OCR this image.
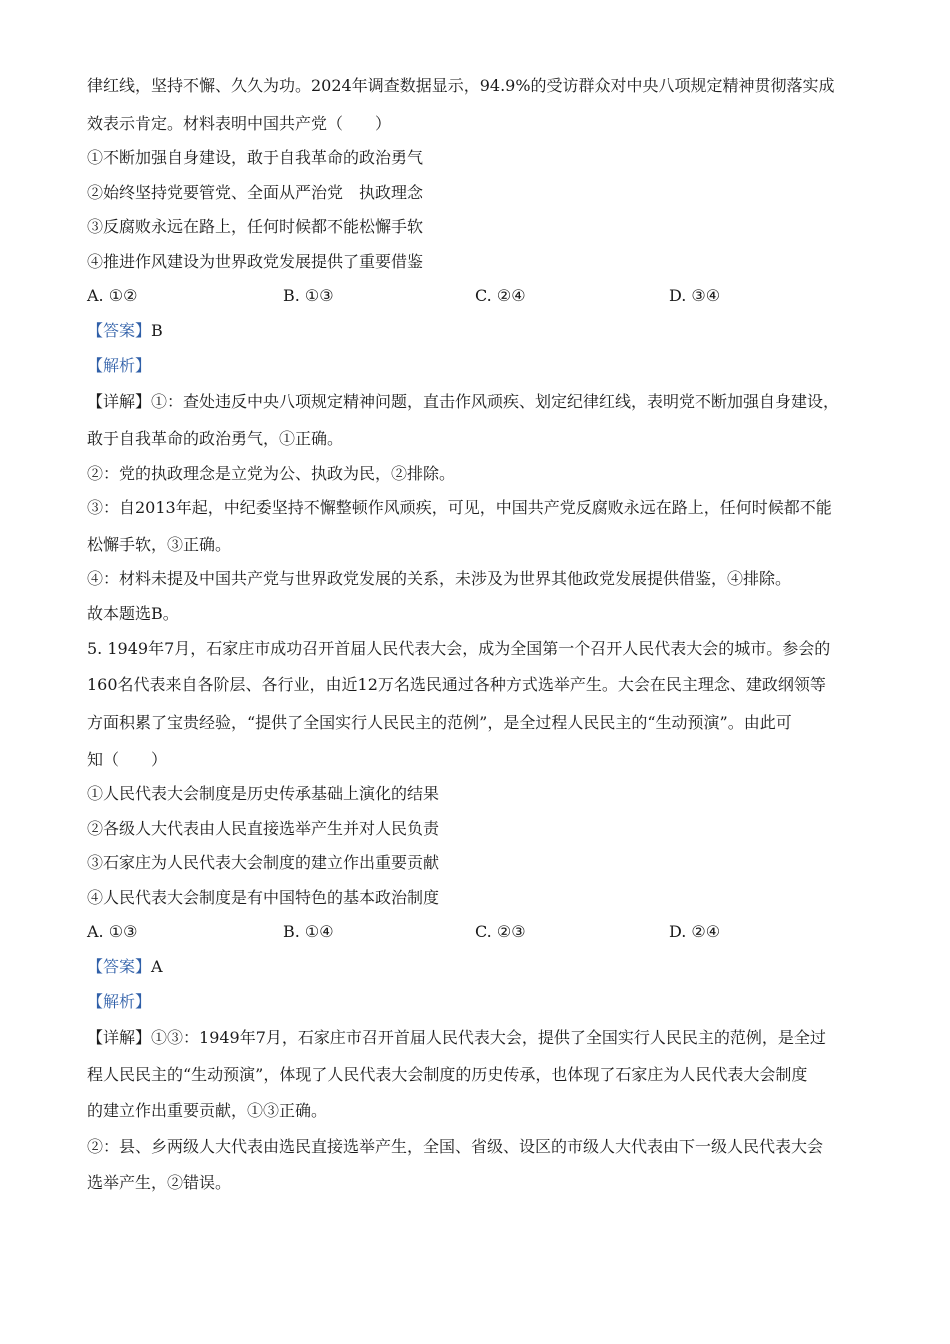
律红线，坚持不懈、久久为功。2024年调查数据显示，94.9%的受访群众对中央八项规定精神贯彻落实成
效表示肯定。材料表明中国共产党（　　）
①不断加强自身建设，敢于自我革命的政治勇气
②始终坚持党要管党、全面从严治党　执政理念
③反腐败永远在路上，任何时候都不能松懈手软
④推进作风建设为世界政党发展提供了重要借鉴
A. ①②	B. ①③	C. ②④	D. ③④
【答案】B
【解析】
【详解】①：查处违反中央八项规定精神问题，直击作风顽疾、划定纪律红线，表明党不断加强自身建设，
敢于自我革命的政治勇气，①正确。
②：党的执政理念是立党为公、执政为民，②排除。
③：自2013年起，中纪委坚持不懈整顿作风顽疾，可见，中国共产党反腐败永远在路上，任何时候都不能
松懈手软，③正确。
④：材料未提及中国共产党与世界政党发展的关系，未涉及为世界其他政党发展提供借鉴，④排除。
故本题选B。
5. 1949年7月，石家庄市成功召开首届人民代表大会，成为全国第一个召开人民代表大会的城市。参会的
160名代表来自各阶层、各行业，由近12万名选民通过各种方式选举产生。大会在民主理念、建政纲领等
方面积累了宝贵经验，“提供了全国实行人民民主的范例”，是全过程人民民主的“生动预演”。由此可
知（　　）
①人民代表大会制度是历史传承基础上演化的结果
②各级人大代表由人民直接选举产生并对人民负责
③石家庄为人民代表大会制度的建立作出重要贡献
④人民代表大会制度是有中国特色的基本政治制度
A. ①③	B. ①④	C. ②③	D. ②④
【答案】A
【解析】
【详解】①③：1949年7月，石家庄市召开首届人民代表大会，提供了全国实行人民民主的范例，是全过
程人民民主的“生动预演”，体现了人民代表大会制度的历史传承，也体现了石家庄为人民代表大会制度
的建立作出重要贡献，①③正确。
②：县、乡两级人大代表由选民直接选举产生，全国、省级、设区的市级人大代表由下一级人民代表大会
选举产生，②错误。
